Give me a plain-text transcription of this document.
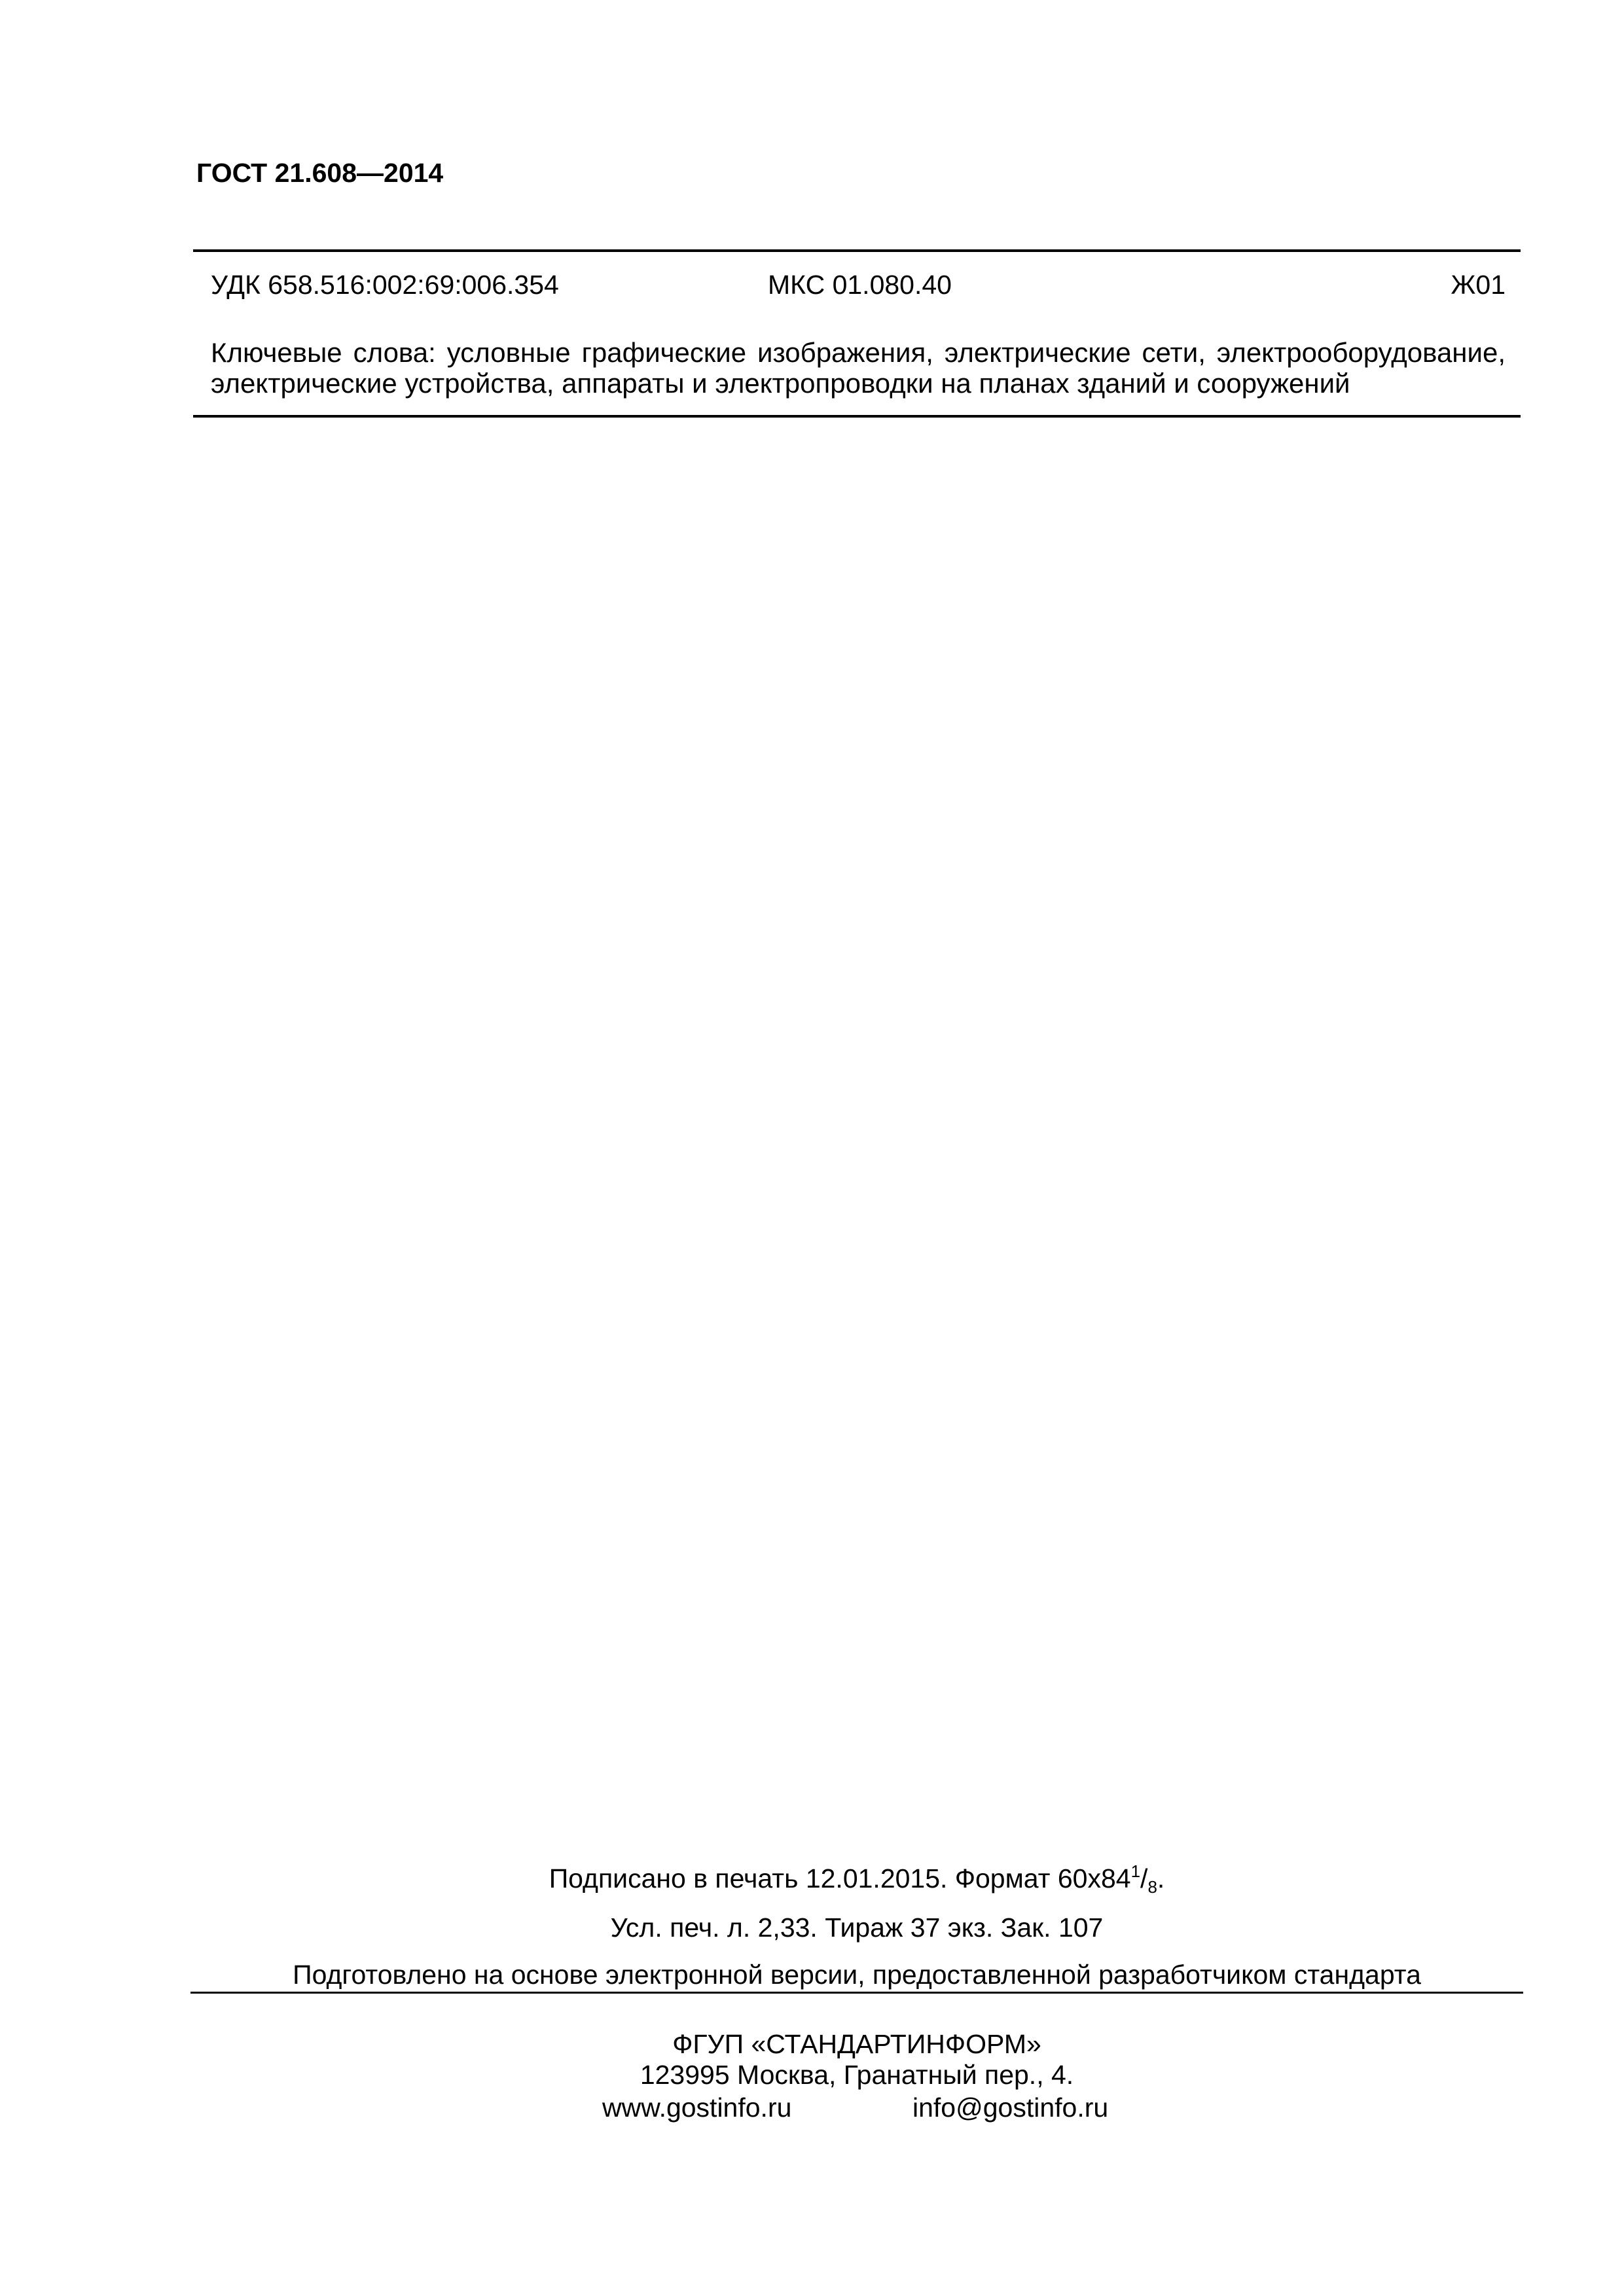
ГОСТ 21.608—2014
УДК 658.516:002:69:006.354	МКС 01.080.40	Ж01
Ключевые слова: условные графические изображения, электрические сети, электрооборудование,
электрические устройства, аппараты и электропроводки на планах зданий и сооружений
Подписано в печать 12.01.2015. Формат $60x84^1/8$.
Усл. печ. л. 2,33. Тираж 37 экз. Зак. 107
Подготовлено на основе электронной версии, предоставленной разработчиком стандарта
ФГУП «СТАНДАРТИНФОРМ»
123995 Москва, Гранатный пер., 4.
www.gostinfo.ru	info@gostinfo.ru
